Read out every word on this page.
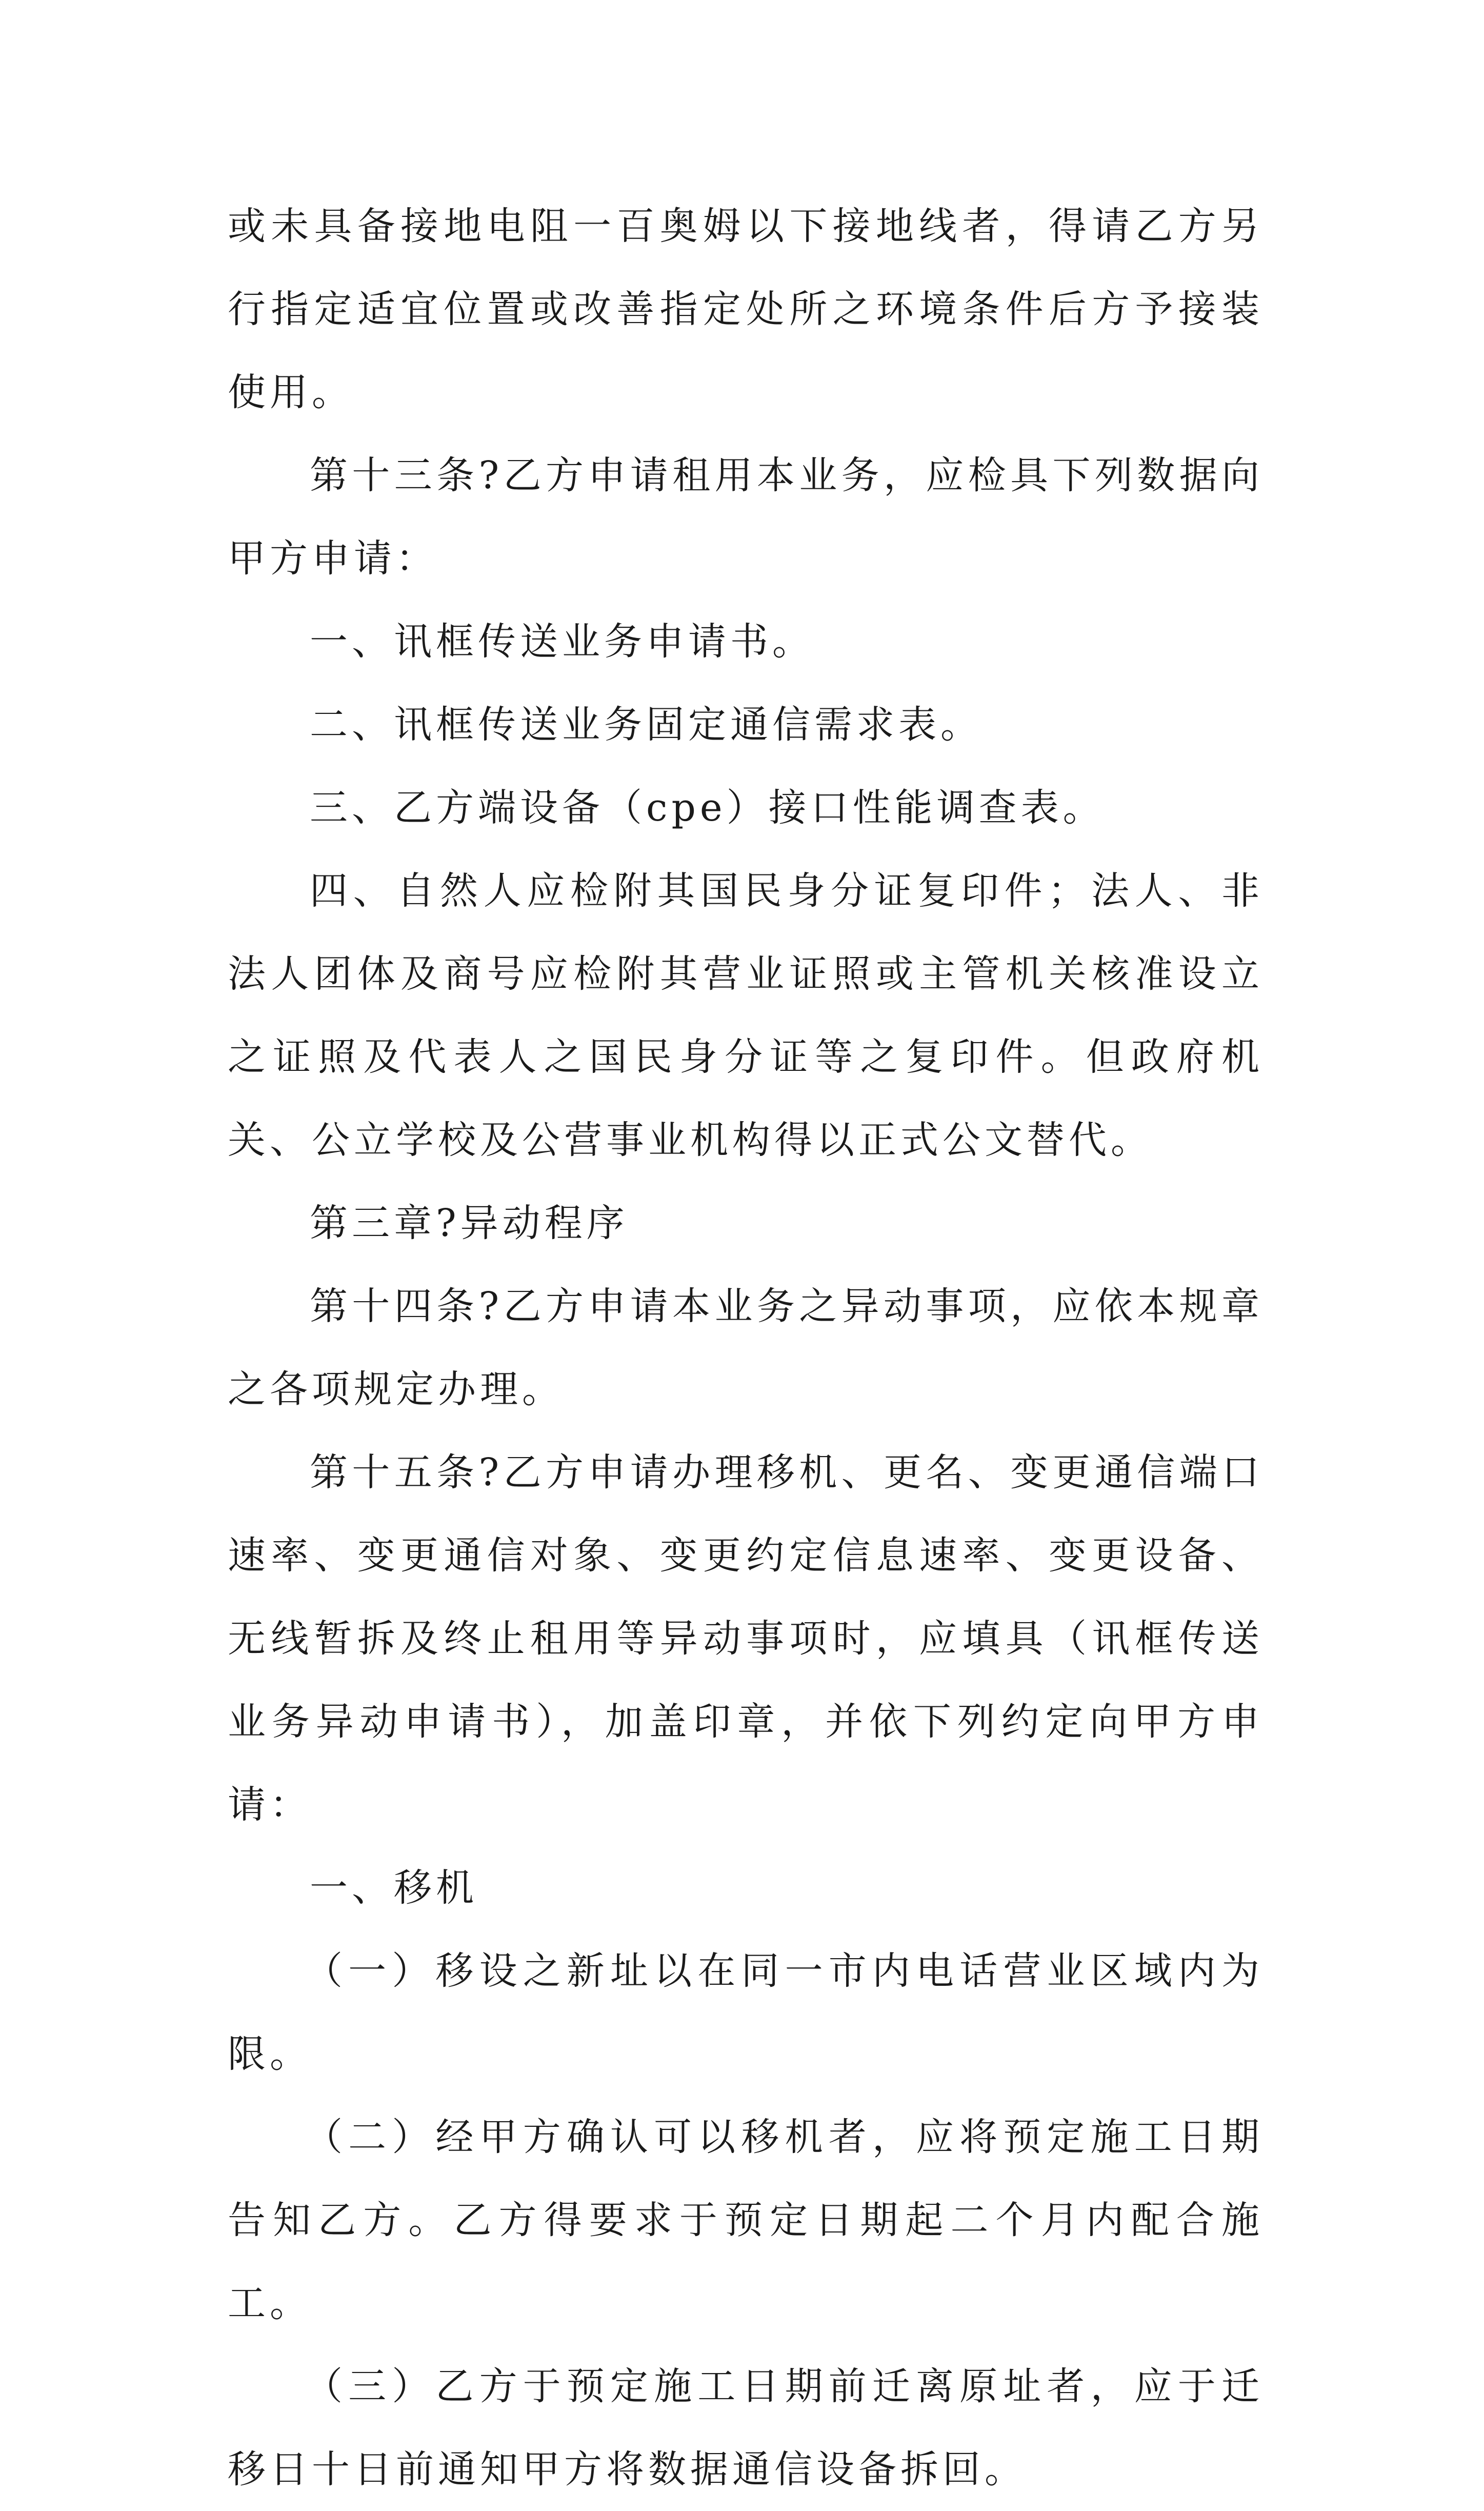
或未具备接地电阻一百奥姆以下接地线者，得请乙方另行指定适宜位置或改善指定处所之环境条件后方予接装使用。

第十三条?乙方申请租用本业务，应检具下列数据向甲方申请：

一、讯框传送业务申请书。

二、讯框传送业务固定通信需求表。

三、乙方端设备（cpe）接口性能调查表。

四、自然人应检附其国民身分证复印件；法人、非法人团体及商号应检附其营业证照或主管机关核准设立之证照及代表人之国民身分证等之复印件。但政府机关、公立学校及公营事业机构得以正式公文替代。

第三章?异动程序

第十四条?乙方申请本业务之异动事项，应依本规章之各项规定办理。

第十五条?乙方申请办理移机、更名、变更通信端口速率、变更通信对象、变更约定信息速率、变更设备、无线暂拆及终止租用等异动事项时，应填具（讯框传送业务异动申请书），加盖印章，并依下列约定向甲方申请：

一、移机

（一）移设之新址以在同一市内电话营业区域内为限。

（二）经甲方确认可以移机者，应将预定施工日期告知乙方。乙方得要求于预定日期起二个月内配合施工。

（三）乙方于预定施工日期前迁离原址者，应于迁移日十日前通知甲方将数据通信设备拆回。
